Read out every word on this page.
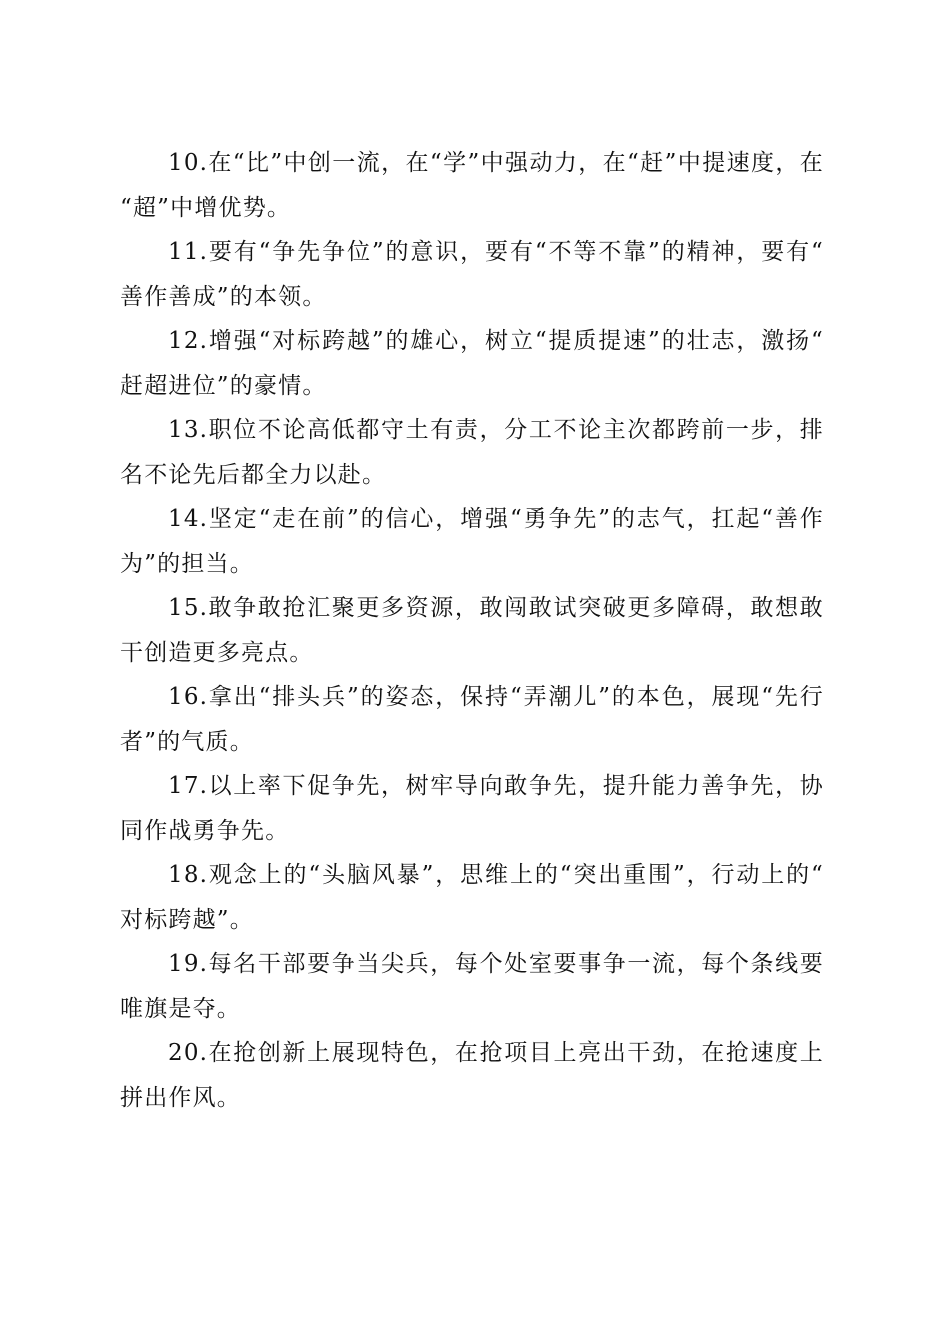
10.在“比”中创一流，在“学”中强动力，在“赶”中提速度，在“超”中增优势。

11.要有“争先争位”的意识，要有“不等不靠”的精神，要有“善作善成”的本领。

12.增强“对标跨越”的雄心，树立“提质提速”的壮志，激扬“赶超进位”的豪情。

13.职位不论高低都守土有责，分工不论主次都跨前一步，排名不论先后都全力以赴。

14.坚定“走在前”的信心，增强“勇争先”的志气，扛起“善作为”的担当。

15.敢争敢抢汇聚更多资源，敢闯敢试突破更多障碍，敢想敢干创造更多亮点。

16.拿出“排头兵”的姿态，保持“弄潮儿”的本色，展现“先行者”的气质。

17.以上率下促争先，树牢导向敢争先，提升能力善争先，协同作战勇争先。

18.观念上的“头脑风暴”，思维上的“突出重围”，行动上的“对标跨越”。

19.每名干部要争当尖兵，每个处室要事争一流，每个条线要唯旗是夺。

20.在抢创新上展现特色，在抢项目上亮出干劲，在抢速度上拼出作风。
